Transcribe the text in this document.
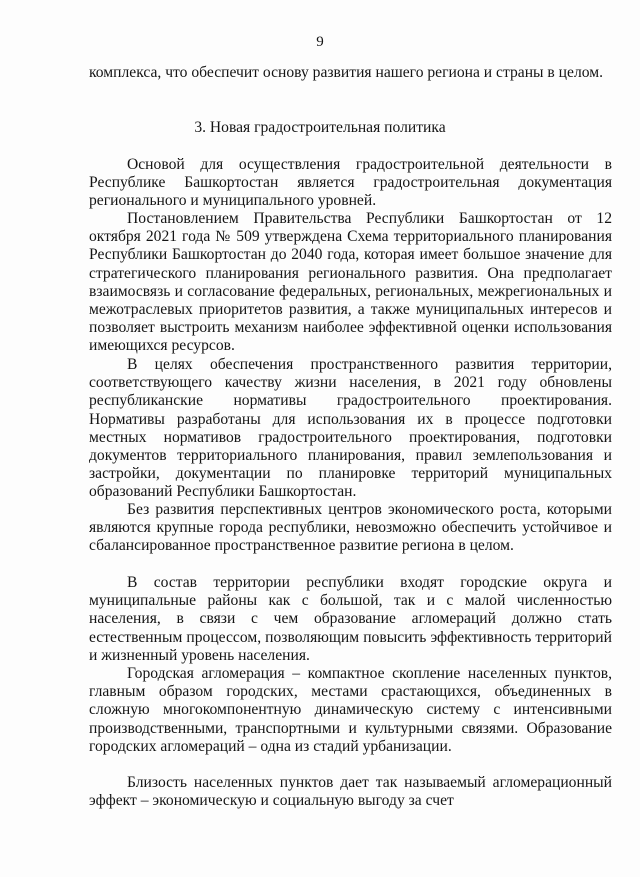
9

комплекса, что обеспечит основу развития нашего региона и страны в целом.

3. Новая градостроительная политика

Основой для осуществления градостроительной деятельности в Республике Башкортостан является градостроительная документация регионального и муниципального уровней.

Постановлением Правительства Республики Башкортостан от 12 октября 2021 года № 509 утверждена Схема территориального планирования Республики Башкортостан до 2040 года, которая имеет большое значение для стратегического планирования регионального развития. Она предполагает взаимосвязь и согласование федеральных, региональных, межрегиональных и межотраслевых приоритетов развития, а также муниципальных интересов и позволяет выстроить механизм наиболее эффективной оценки использования имеющихся ресурсов.

В целях обеспечения пространственного развития территории, соответствующего качеству жизни населения, в 2021 году обновлены республиканские нормативы градостроительного проектирования. Нормативы разработаны для использования их в процессе подготовки местных нормативов градостроительного проектирования, подготовки документов территориального планирования, правил землепользования и застройки, документации по планировке территорий муниципальных образований Республики Башкортостан.

Без развития перспективных центров экономического роста, которыми являются крупные города республики, невозможно обеспечить устойчивое и сбалансированное пространственное развитие региона в целом.

В состав территории республики входят городские округа и муниципальные районы как с большой, так и с малой численностью населения, в связи с чем образование агломераций должно стать естественным процессом, позволяющим повысить эффективность территорий и жизненный уровень населения.

Городская агломерация – компактное скопление населенных пунктов, главным образом городских, местами срастающихся, объединенных в сложную многокомпонентную динамическую систему с интенсивными производственными, транспортными и культурными связями. Образование городских агломераций – одна из стадий урбанизации.

Близость населенных пунктов дает так называемый агломерационный эффект – экономическую и социальную выгоду за счет
